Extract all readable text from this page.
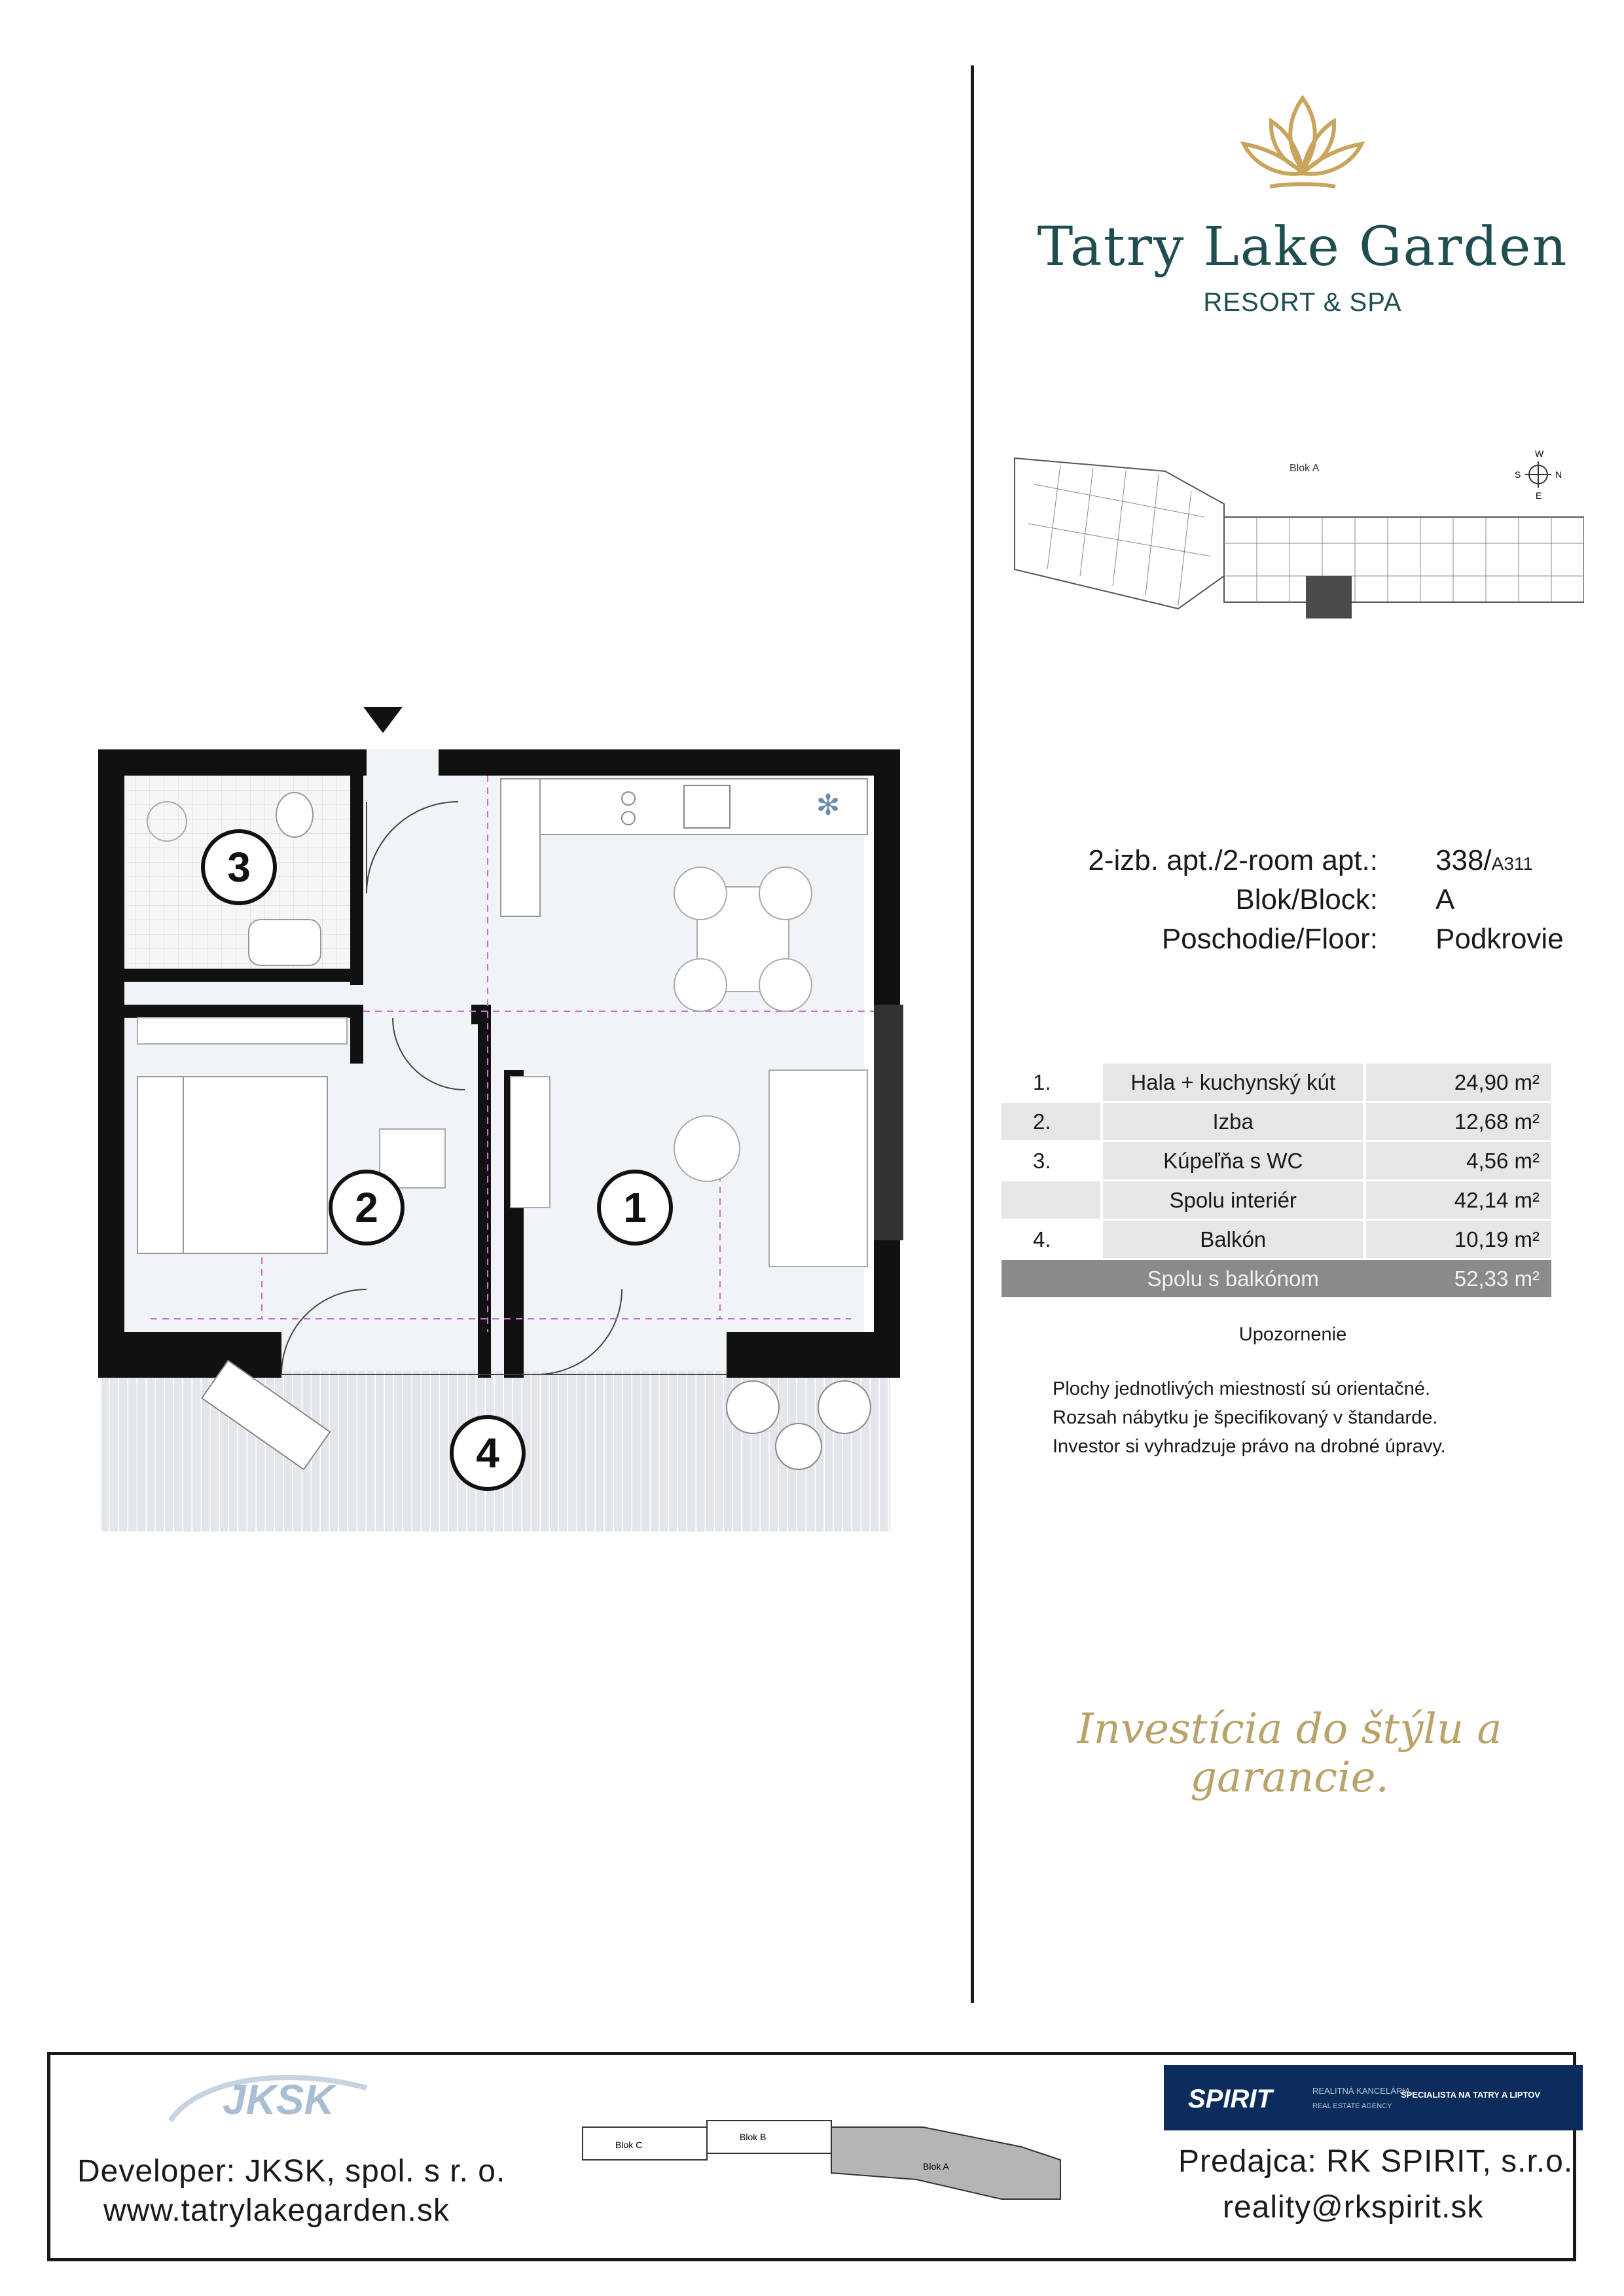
Tatry Lake Garden
RESORT & SPA
Blok A
W
S	N
E
2-izb. apt./2-room apt.: 338/A311
Blok/Block: A
Poschodie/Floor: Podkrovie
1.		Hala + kuchynský kút		24,90 m²
2.		Izba		12,68 m²
3.		Kúpeľňa s WC		4,56 m²
		Spolu interiér		42,14 m²
4.		Balkón		10,19 m²
		Spolu s balkónom		52,33 m²
Upozornenie
Plochy jednotlivých miestností sú orientačné.
Rozsah nábytku je špecifikovaný v štandarde.
Investor si vyhradzuje právo na drobné úpravy.
Investícia do štýlu a garancie.
✻
3
2	1
4
JKSK
Developer: JKSK, spol. s r. o.
www.tatrylakegarden.sk
Blok C
Blok B
Blok A
SPIRIT	REALITNÁ KANCELÁRIA
REAL ESTATE AGENCY
ŠPECIALISTA NA TATRY A LIPTOV
Predajca: RK SPIRIT, s.r.o.
reality@rkspirit.sk
